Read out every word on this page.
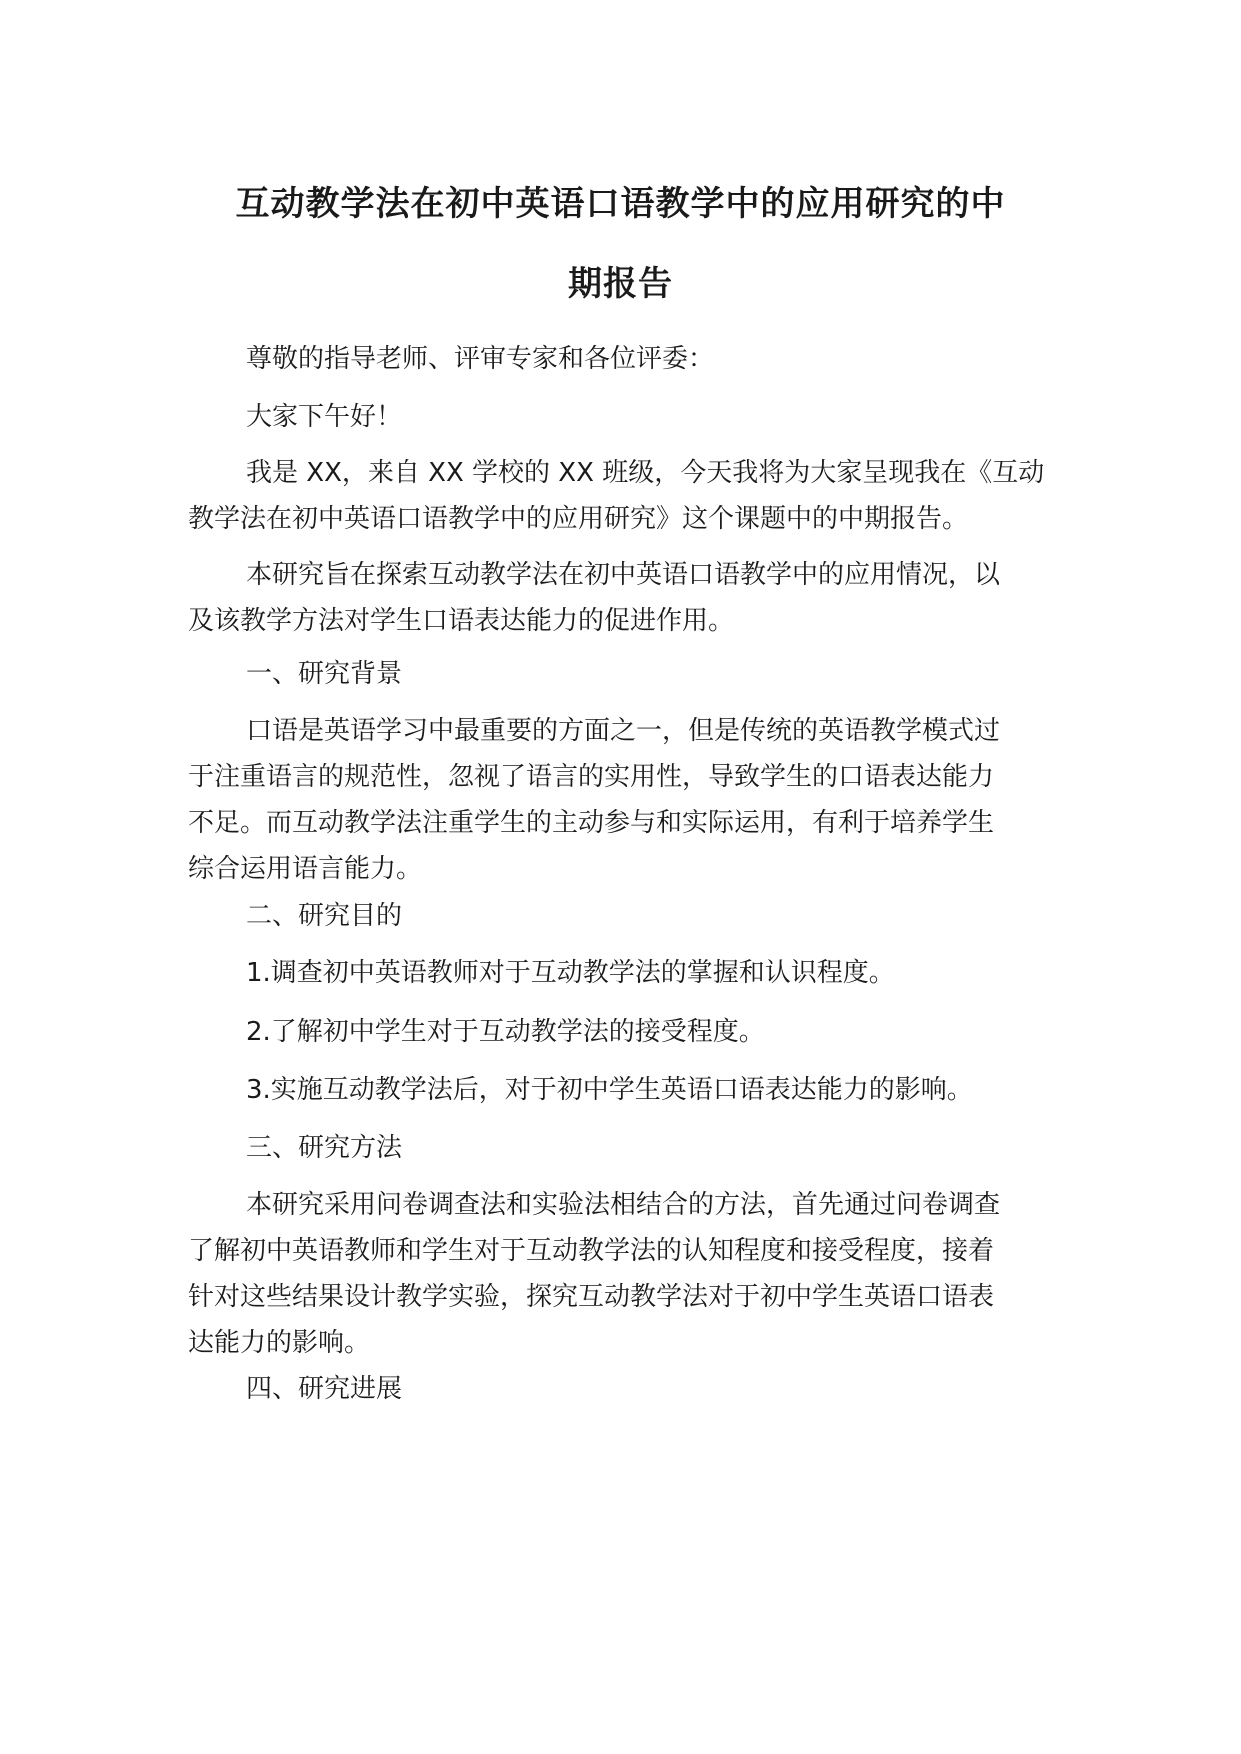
互动教学法在初中英语口语教学中的应用研究的中
期报告
尊敬的指导老师、评审专家和各位评委：
大家下午好！
我是 XX，来自 XX 学校的 XX 班级，今天我将为大家呈现我在《互动
教学法在初中英语口语教学中的应用研究》这个课题中的中期报告。
本研究旨在探索互动教学法在初中英语口语教学中的应用情况，以
及该教学方法对学生口语表达能力的促进作用。
一、研究背景
口语是英语学习中最重要的方面之一，但是传统的英语教学模式过
于注重语言的规范性，忽视了语言的实用性，导致学生的口语表达能力
不足。而互动教学法注重学生的主动参与和实际运用，有利于培养学生
综合运用语言能力。
二、研究目的
1.调查初中英语教师对于互动教学法的掌握和认识程度。
2.了解初中学生对于互动教学法的接受程度。
3.实施互动教学法后，对于初中学生英语口语表达能力的影响。
三、研究方法
本研究采用问卷调查法和实验法相结合的方法，首先通过问卷调查
了解初中英语教师和学生对于互动教学法的认知程度和接受程度，接着
针对这些结果设计教学实验，探究互动教学法对于初中学生英语口语表
达能力的影响。
四、研究进展
